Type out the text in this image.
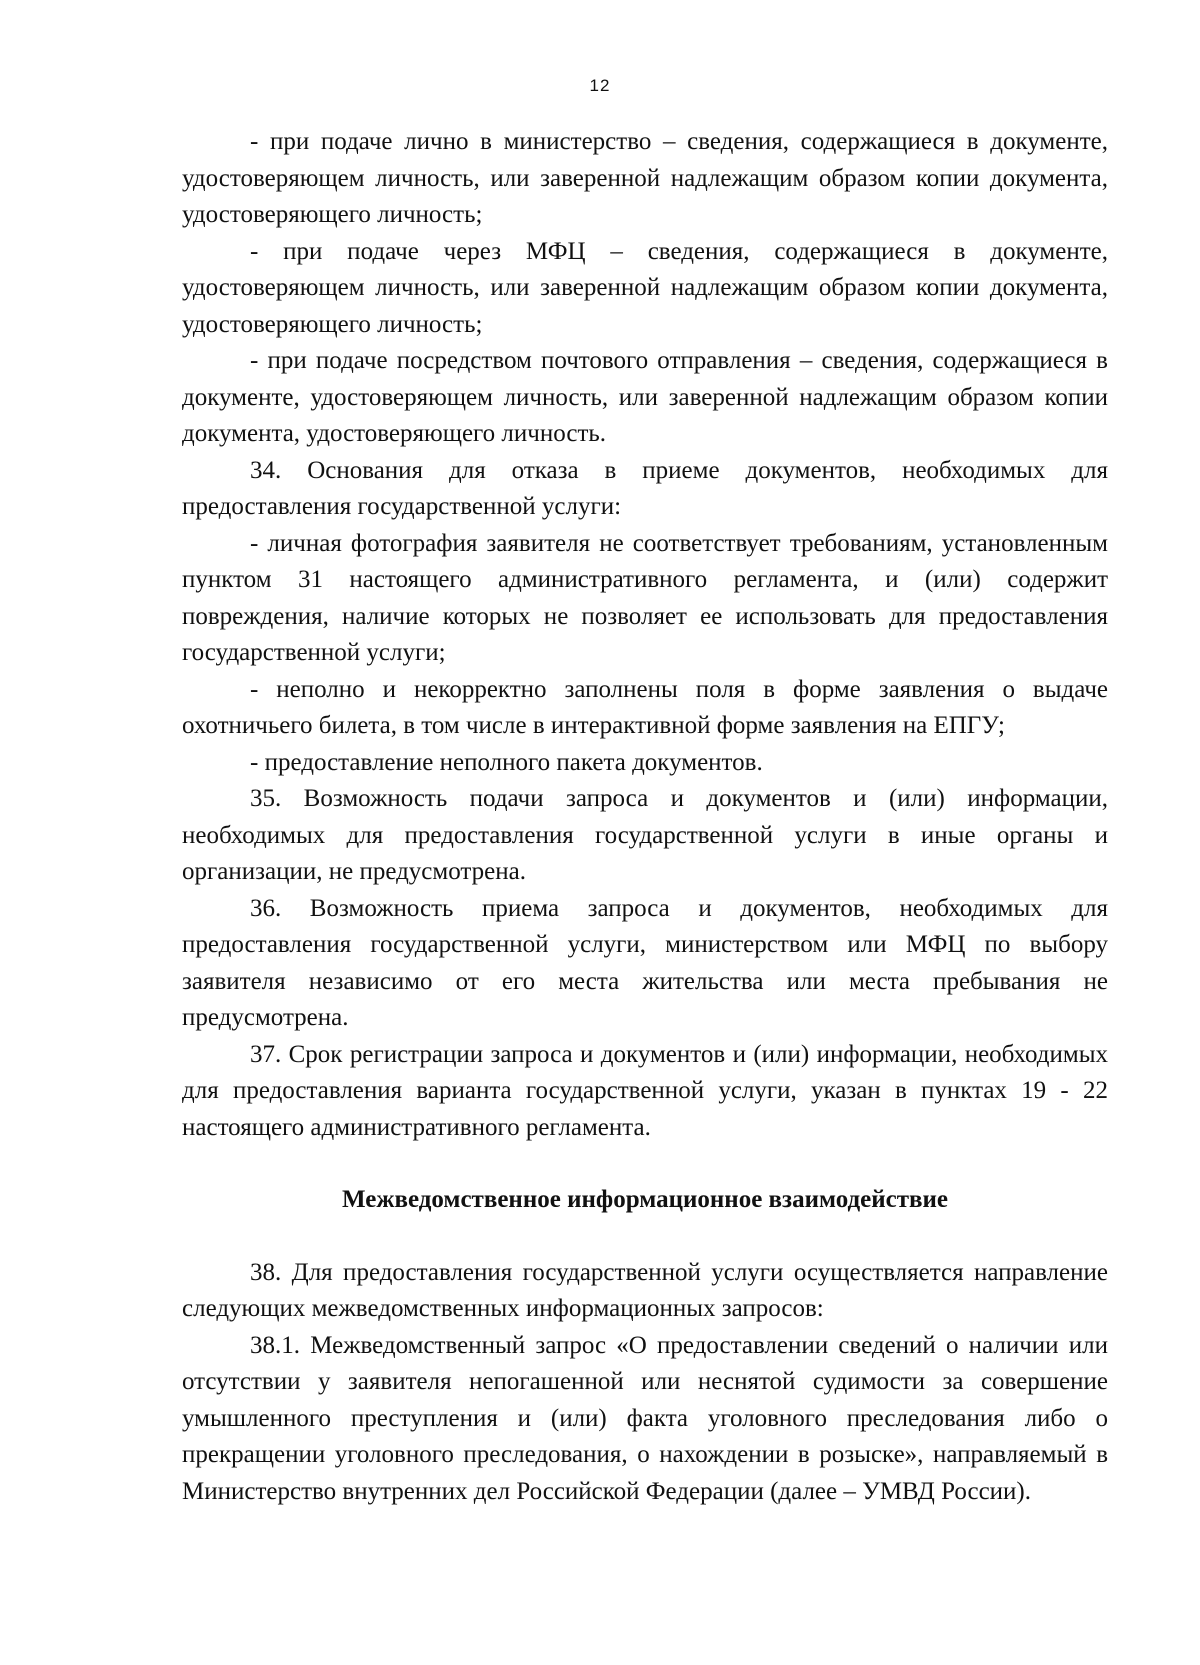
12

- при подаче лично в министерство – сведения, содержащиеся в документе, удостоверяющем личность, или заверенной надлежащим образом копии документа, удостоверяющего личность;

- при подаче через МФЦ – сведения, содержащиеся в документе, удостоверяющем личность, или заверенной надлежащим образом копии документа, удостоверяющего личность;

- при подаче посредством почтового отправления – сведения, содержащиеся в документе, удостоверяющем личность, или заверенной надлежащим образом копии документа, удостоверяющего личность.

34. Основания для отказа в приеме документов, необходимых для предоставления государственной услуги:

- личная фотография заявителя не соответствует требованиям, установленным пунктом 31 настоящего административного регламента, и (или) содержит повреждения, наличие которых не позволяет ее использовать для предоставления государственной услуги;

- неполно и некорректно заполнены поля в форме заявления о выдаче охотничьего билета, в том числе в интерактивной форме заявления на ЕПГУ;

- предоставление неполного пакета документов.

35. Возможность подачи запроса и документов и (или) информации, необходимых для предоставления государственной услуги в иные органы и организации, не предусмотрена.

36. Возможность приема запроса и документов, необходимых для предоставления государственной услуги, министерством или МФЦ по выбору заявителя независимо от его места жительства или места пребывания не предусмотрена.

37. Срок регистрации запроса и документов и (или) информации, необходимых для предоставления варианта государственной услуги, указан в пунктах 19 - 22 настоящего административного регламента.

Межведомственное информационное взаимодействие

38. Для предоставления государственной услуги осуществляется направление следующих межведомственных информационных запросов:

38.1. Межведомственный запрос «О предоставлении сведений о наличии или отсутствии у заявителя непогашенной или неснятой судимости за совершение умышленного преступления и (или) факта уголовного преследования либо о прекращении уголовного преследования, о нахождении в розыске», направляемый в Министерство внутренних дел Российской Федерации (далее – УМВД России).
